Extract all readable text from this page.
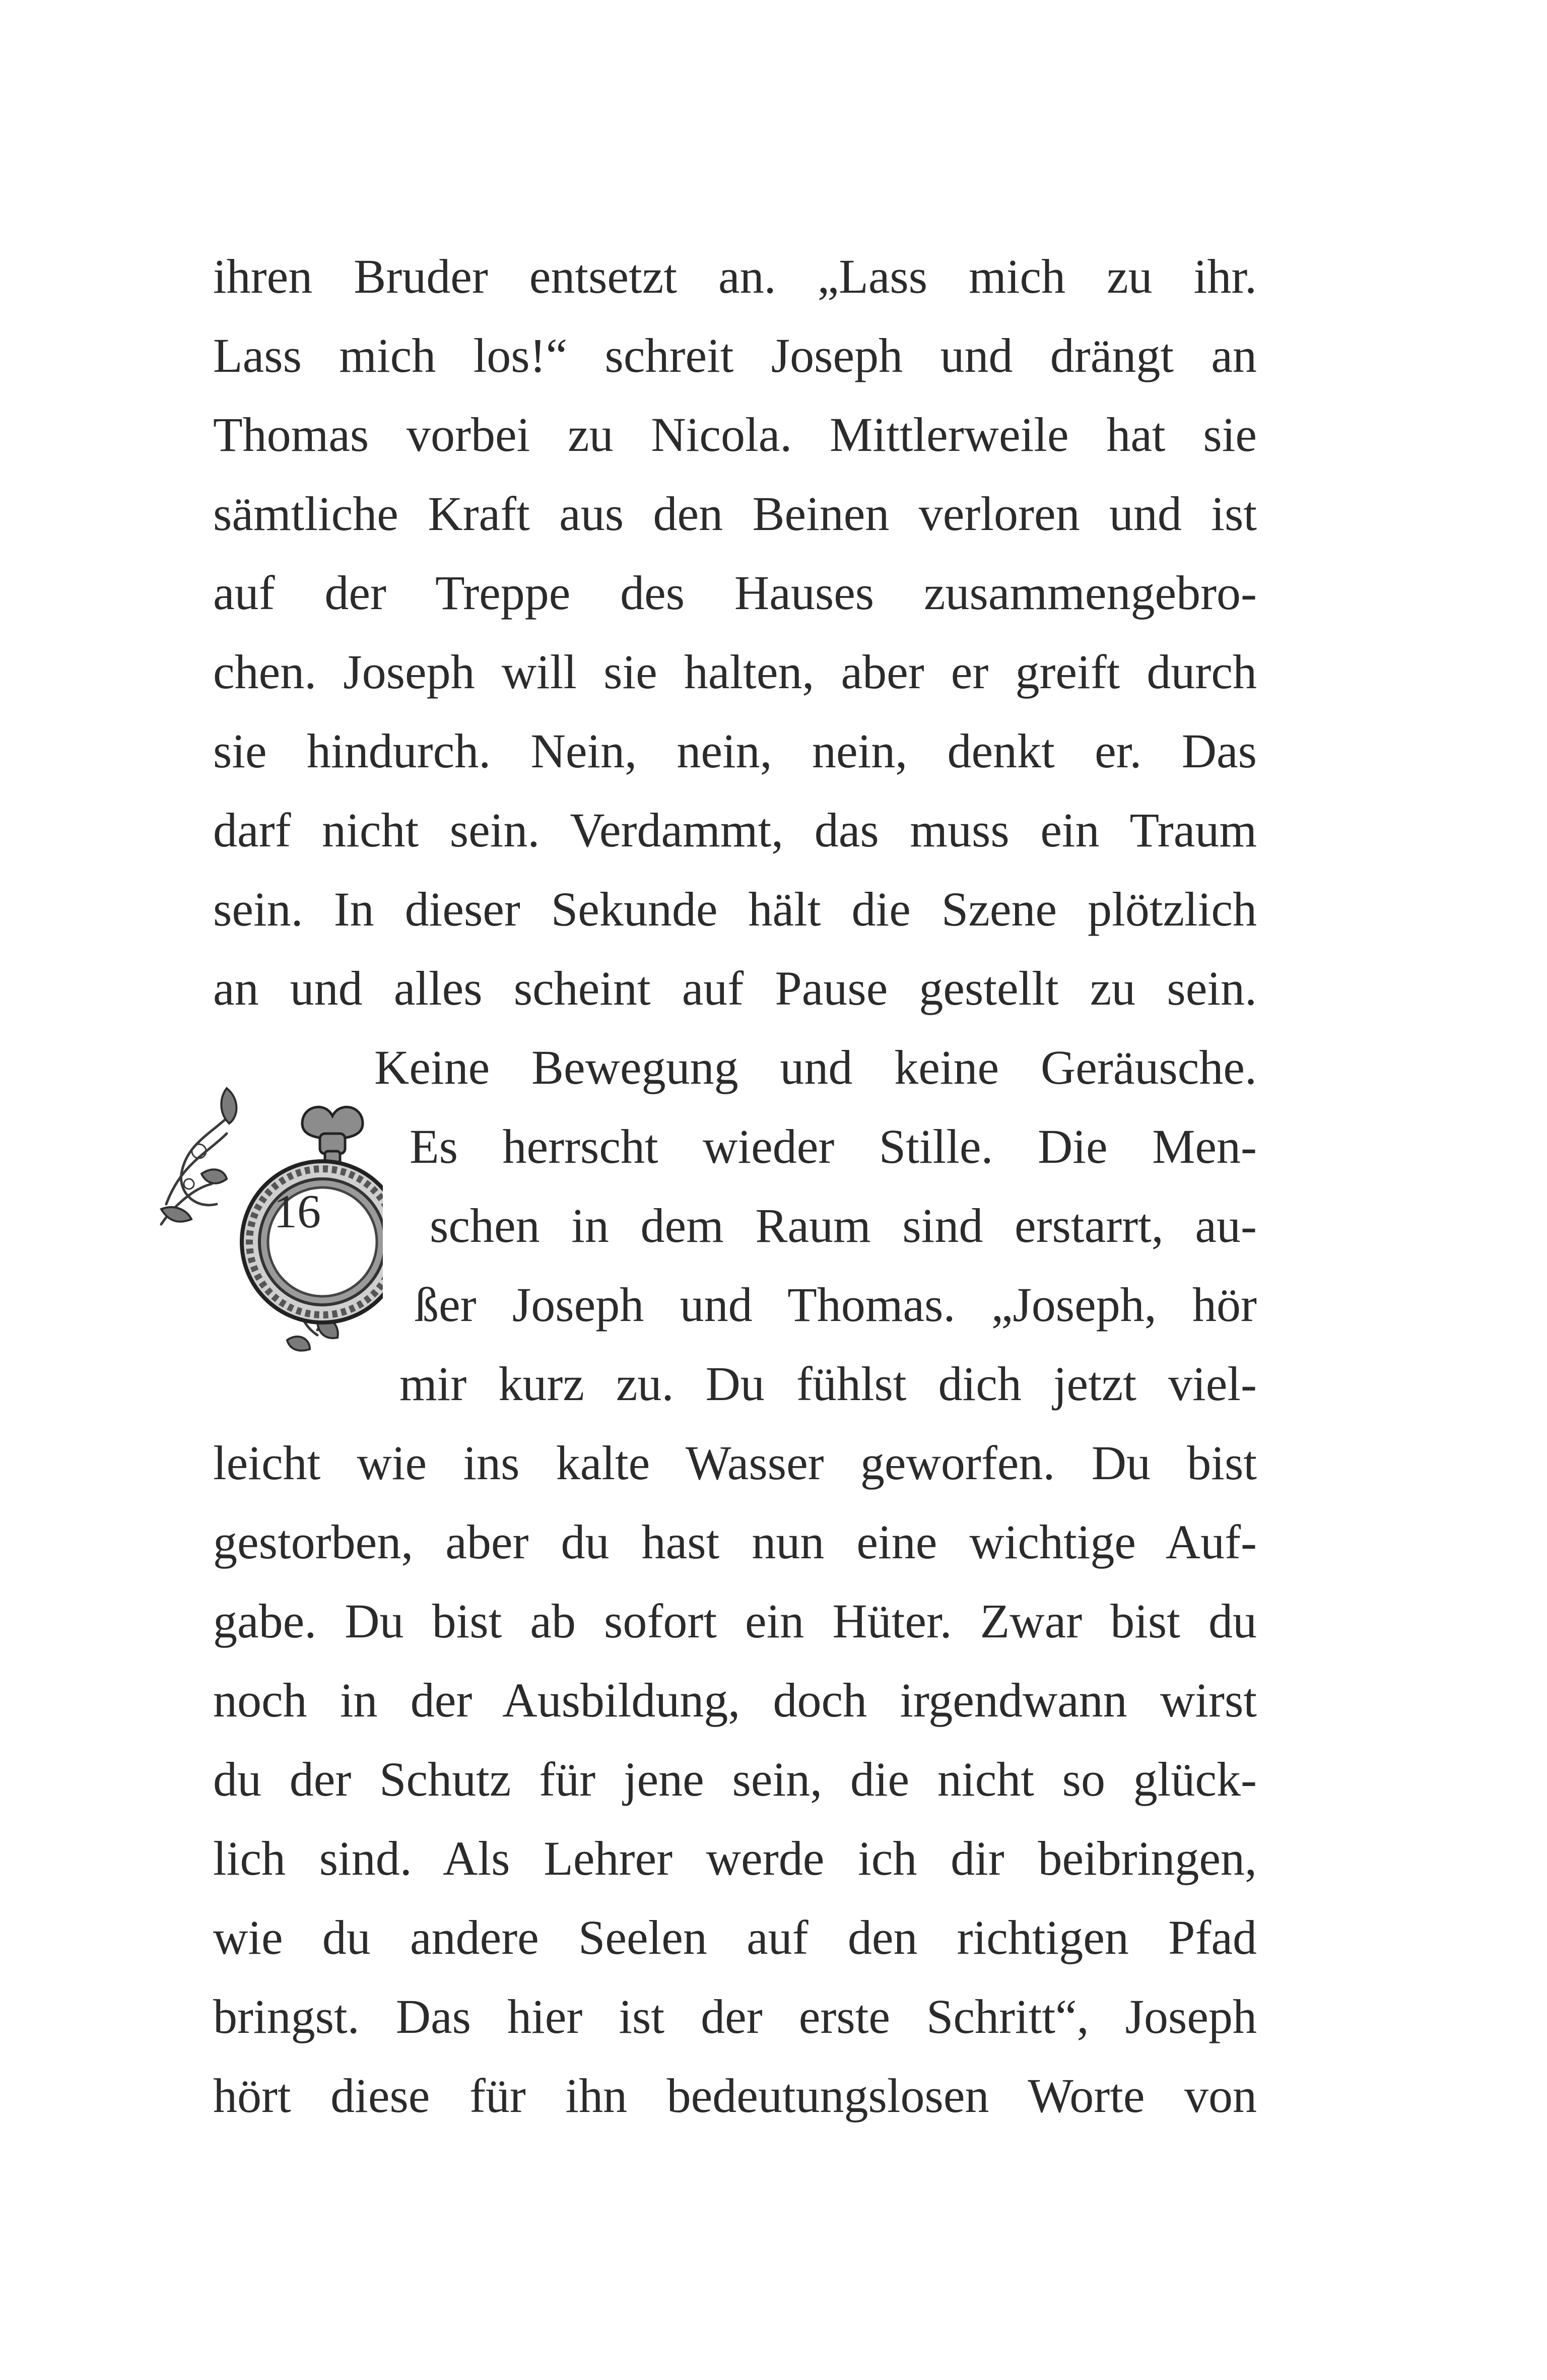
16
ihren Bruder entsetzt an. „Lass mich zu ihr.
Lass mich los!“ schreit Joseph und drängt an
Thomas vorbei zu Nicola. Mittlerweile hat sie
sämtliche Kraft aus den Beinen verloren und ist
auf der Treppe des Hauses zusammengebro-
chen. Joseph will sie halten, aber er greift durch
sie hindurch. Nein, nein, nein, denkt er. Das
darf nicht sein. Verdammt, das muss ein Traum
sein. In dieser Sekunde hält die Szene plötzlich
an und alles scheint auf Pause gestellt zu sein.
Keine Bewegung und keine Geräusche.
Es herrscht wieder Stille. Die Men-
schen in dem Raum sind erstarrt, au-
ßer Joseph und Thomas. „Joseph, hör
mir kurz zu. Du fühlst dich jetzt viel-
leicht wie ins kalte Wasser geworfen. Du bist
gestorben, aber du hast nun eine wichtige Auf-
gabe. Du bist ab sofort ein Hüter. Zwar bist du
noch in der Ausbildung, doch irgendwann wirst
du der Schutz für jene sein, die nicht so glück-
lich sind. Als Lehrer werde ich dir beibringen,
wie du andere Seelen auf den richtigen Pfad
bringst. Das hier ist der erste Schritt“, Joseph
hört diese für ihn bedeutungslosen Worte von
